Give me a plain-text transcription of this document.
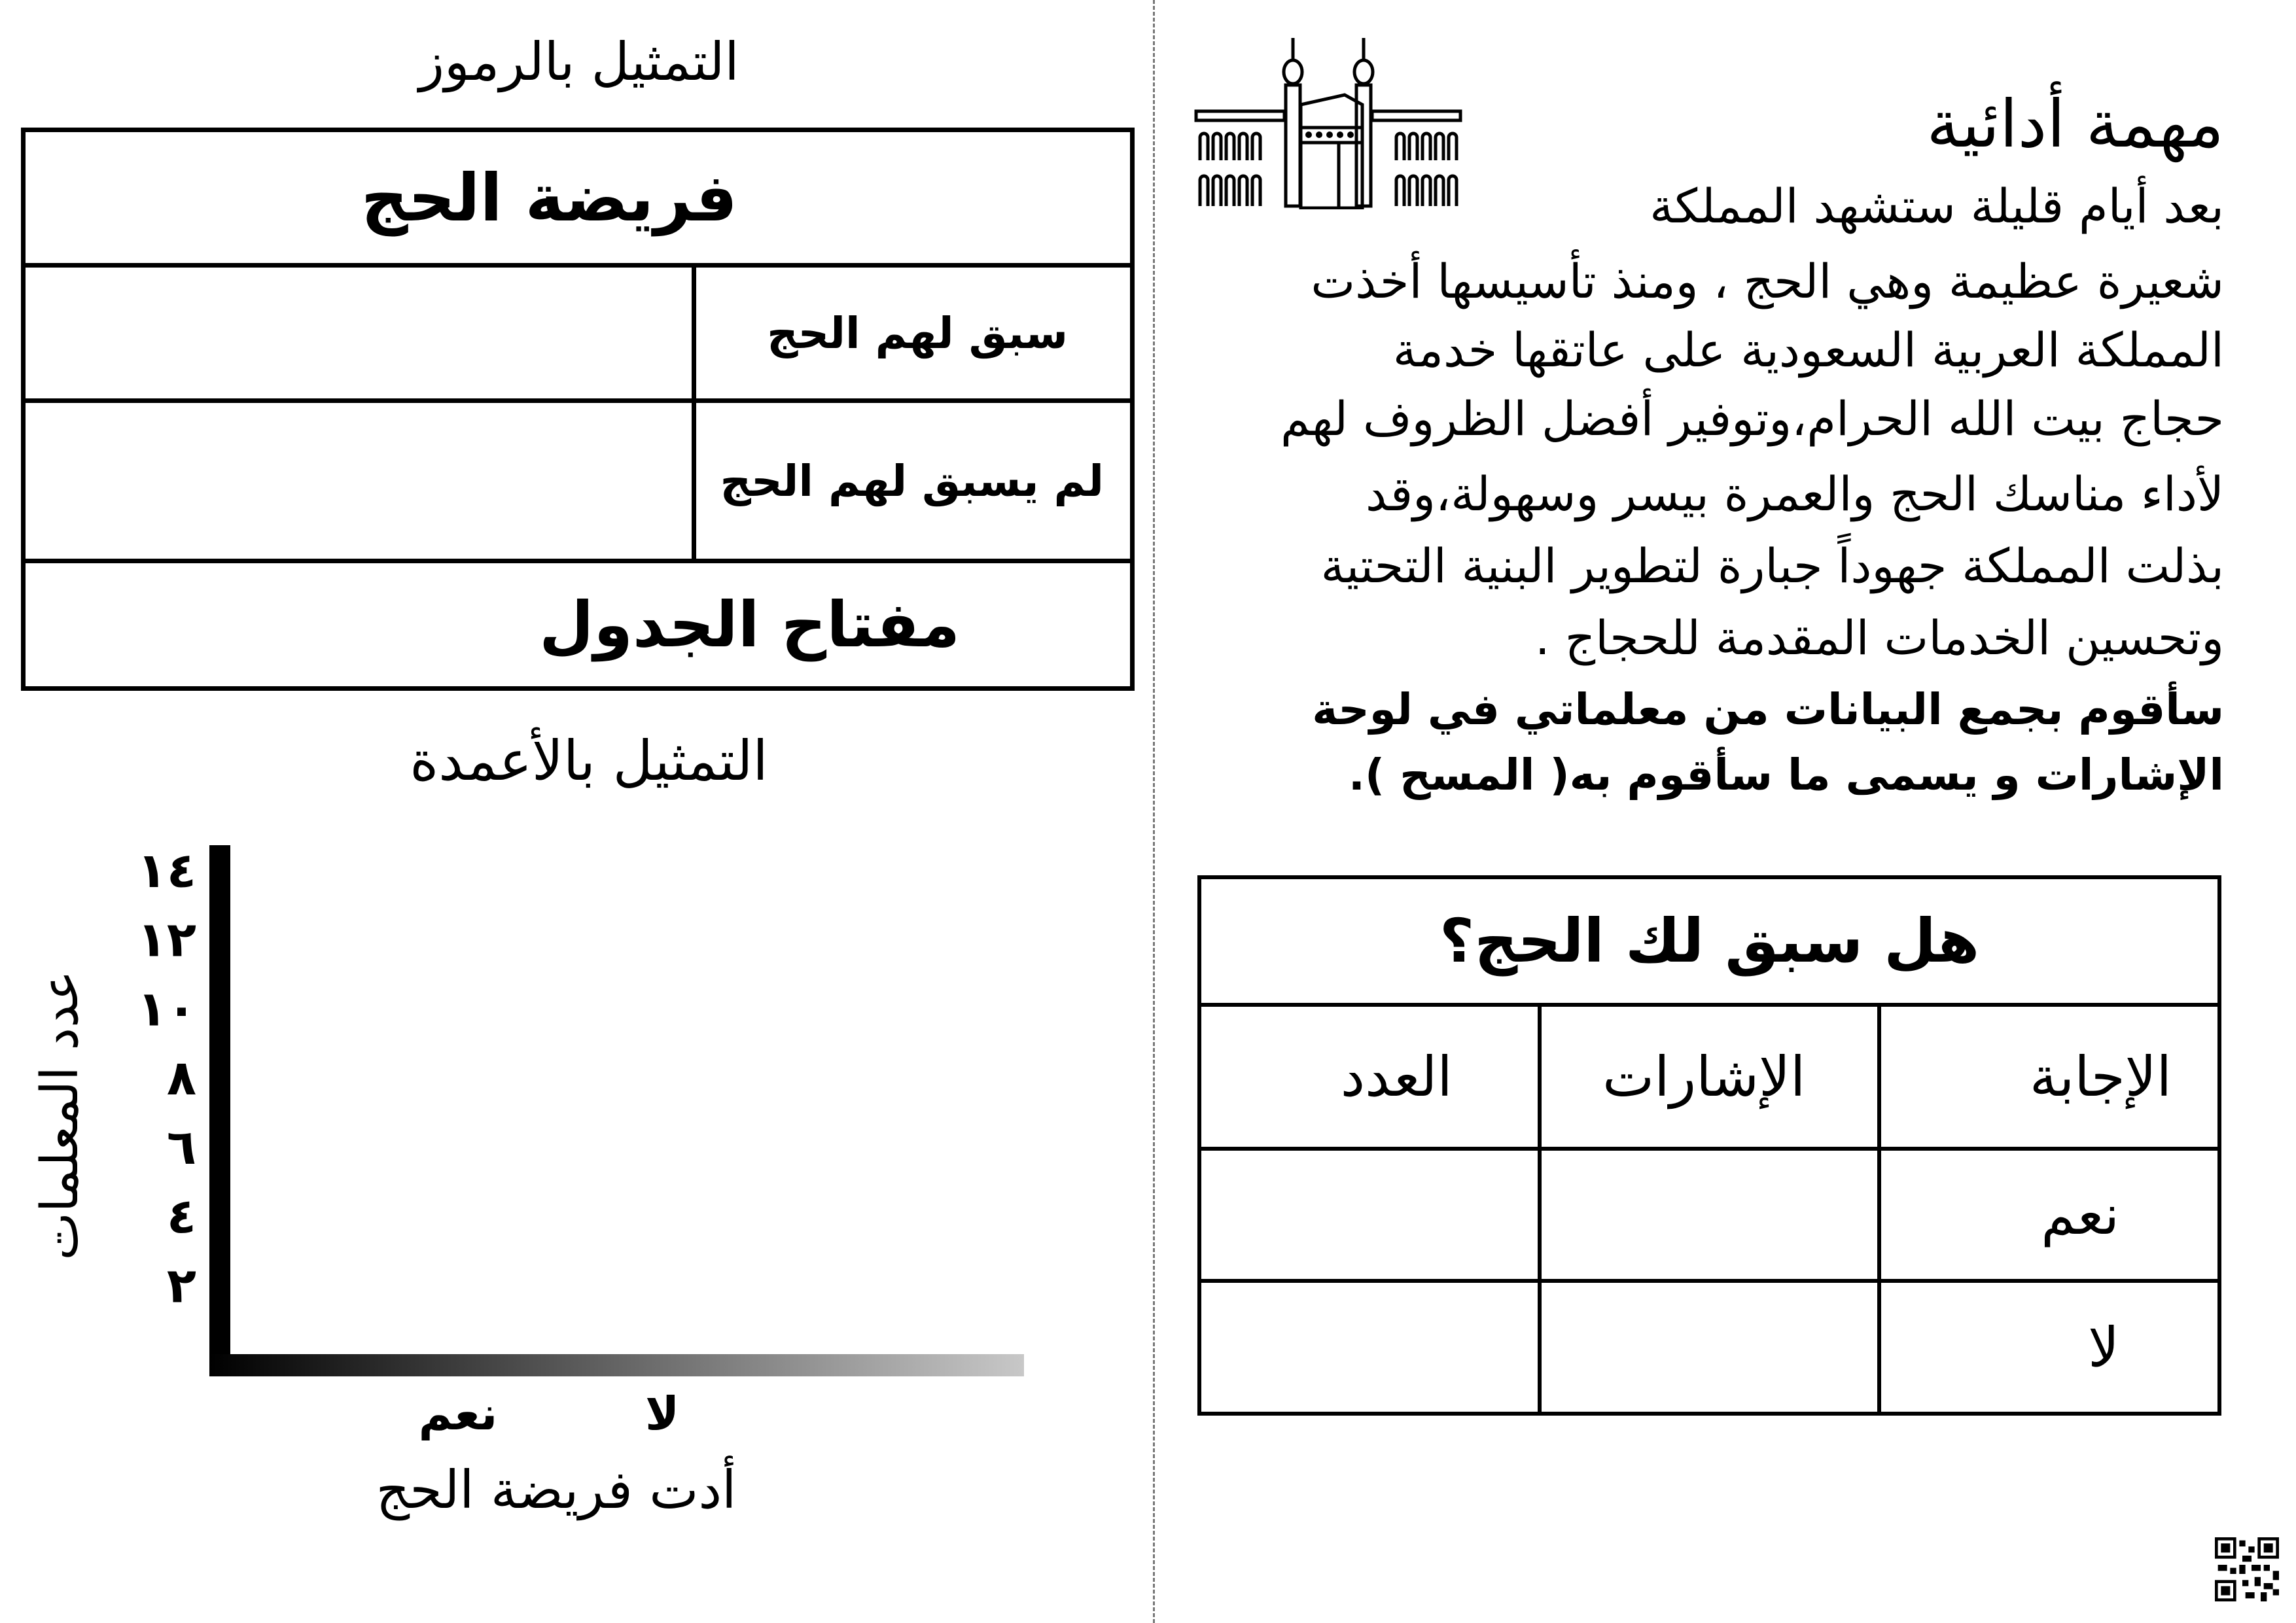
مهمة أدائية
بعد أيام قليلة ستشهد المملكة
شعيرة عظيمة وهي الحج ، ومنذ تأسيسها أخذت
المملكة العربية السعودية على عاتقها خدمة
حجاج بيت الله الحرام،وتوفير أفضل الظروف لهم
لأداء مناسك الحج والعمرة بيسر وسهولة،وقد
بذلت المملكة جهوداً جبارة لتطوير البنية التحتية
وتحسين الخدمات المقدمة للحجاج .
سأقوم بجمع البيانات من معلماتي في لوحة
الإشارات و يسمى ما سأقوم به( المسح ).
هل سبق لك الحج؟		
الإجابة	الإشارات	العدد
نعم		
لا		
التمثيل بالرموز
فريضة الحج	
سبق لهم الحج	
لم يسبق لهم الحج	
مفتاح الجدول	
التمثيل بالأعمدة
٢
٤
٦
٨
١٠
١٢
١٤
نعم	لا
عدد المعلمات
أدت فريضة الحج
